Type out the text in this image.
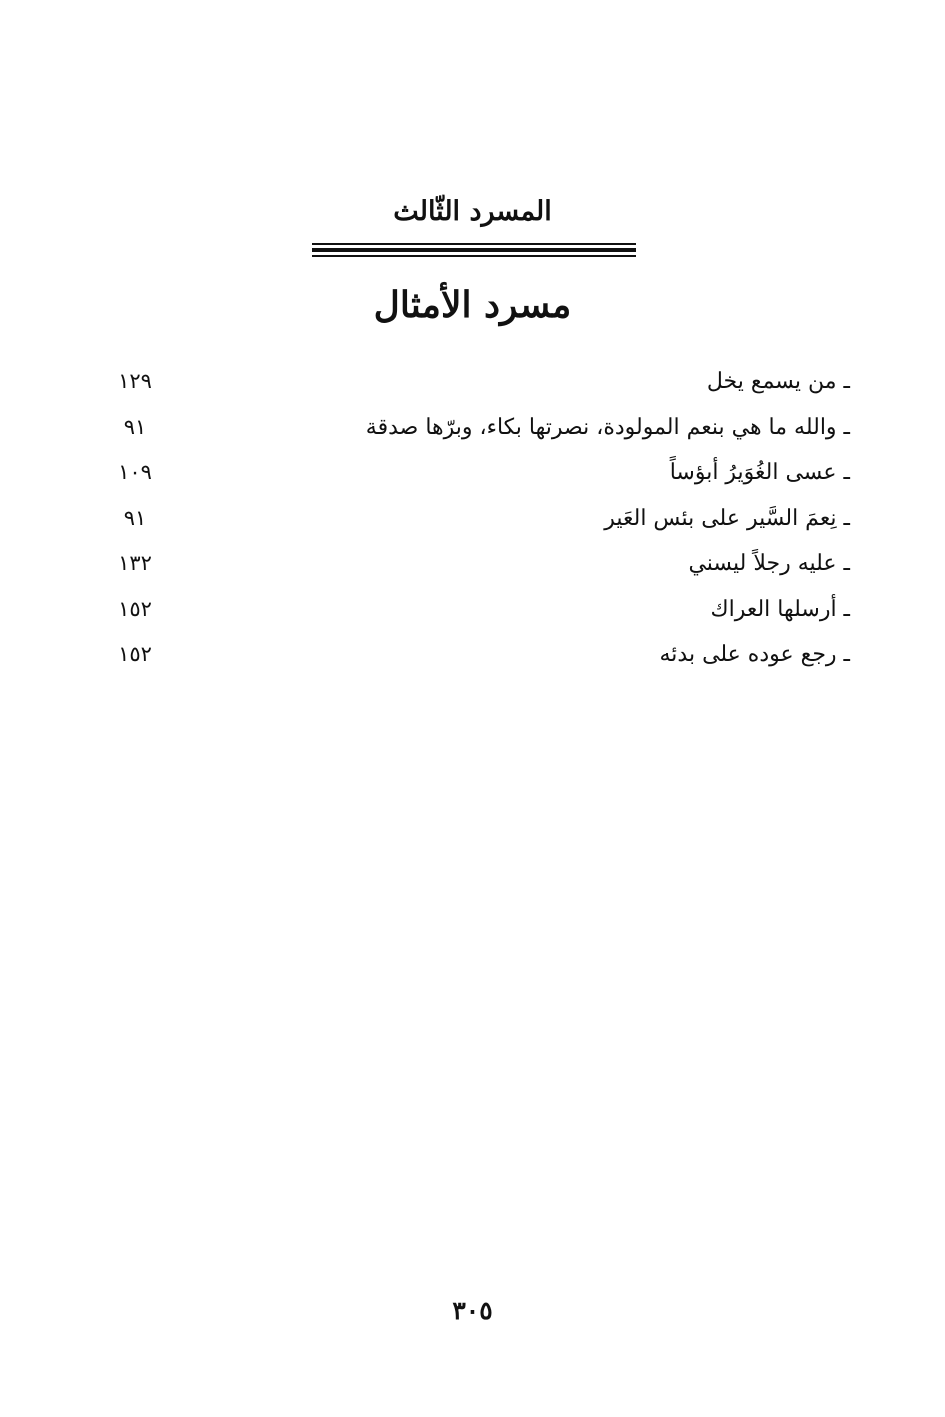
المسرد الثّالث
مسرد الأمثال
ـ من يسمع يخل
١٢٩
ـ والله ما هي بنعم المولودة، نصرتها بكاء، وبرّها صدقة
٩١
ـ عسى الغُوَيرُ أبؤساً
١٠٩
ـ نِعمَ السَّير على بئس العَير
٩١
ـ عليه رجلاً ليسني
١٣٢
ـ أرسلها العراك
١٥٢
ـ رجع عوده على بدئه
١٥٢
٣٠٥
